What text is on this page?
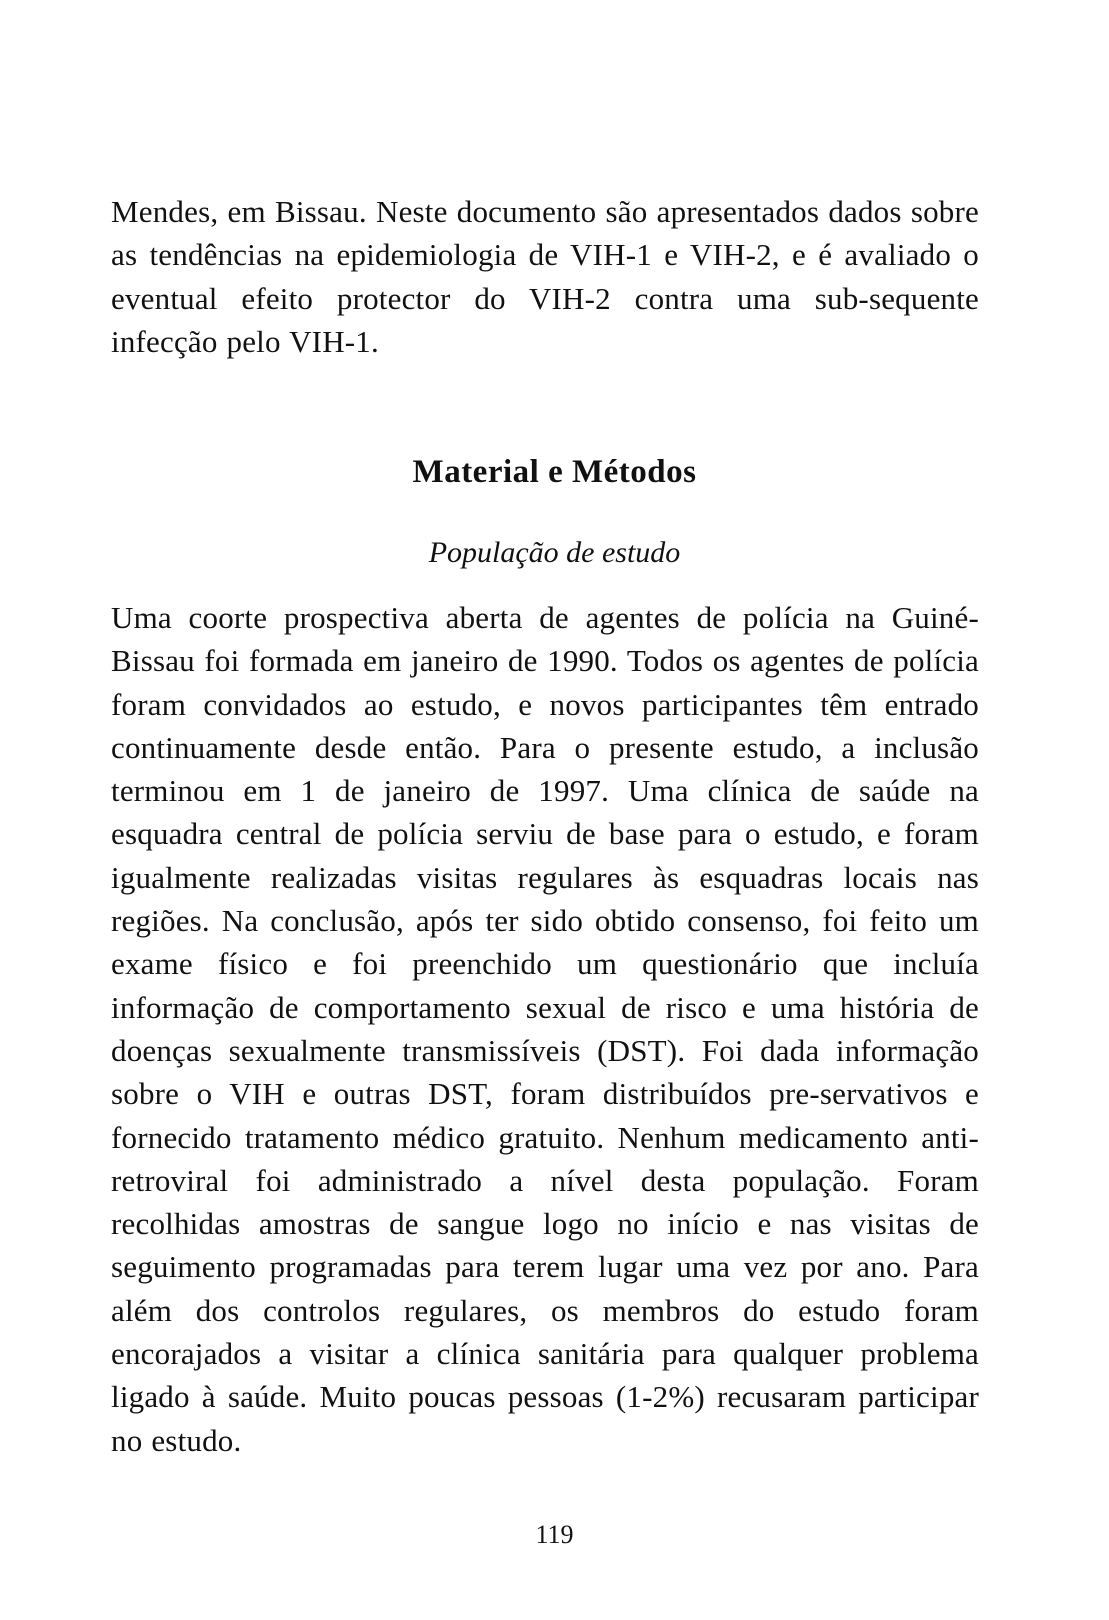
Mendes, em Bissau. Neste documento são apresentados dados sobre as tendências na epidemiologia de VIH-1 e VIH-2, e é avaliado o eventual efeito protector do VIH-2 contra uma sub-sequente infecção pelo VIH-1.

Material e Métodos
População de estudo

Uma coorte prospectiva aberta de agentes de polícia na Guiné-Bissau foi formada em janeiro de 1990. Todos os agentes de polícia foram convidados ao estudo, e novos participantes têm entrado continuamente desde então. Para o presente estudo, a inclusão terminou em 1 de janeiro de 1997. Uma clínica de saúde na esquadra central de polícia serviu de base para o estudo, e foram igualmente realizadas visitas regulares às esquadras locais nas regiões. Na conclusão, após ter sido obtido consenso, foi feito um exame físico e foi preenchido um questionário que incluía informação de comportamento sexual de risco e uma história de doenças sexualmente transmissíveis (DST). Foi dada informação sobre o VIH e outras DST, foram distribuídos pre-servativos e fornecido tratamento médico gratuito. Nenhum medicamento anti-retroviral foi administrado a nível desta população. Foram recolhidas amostras de sangue logo no início e nas visitas de seguimento programadas para terem lugar uma vez por ano. Para além dos controlos regulares, os membros do estudo foram encorajados a visitar a clínica sanitária para qualquer problema ligado à saúde. Muito poucas pessoas (1-2%) recusaram participar no estudo.

119
